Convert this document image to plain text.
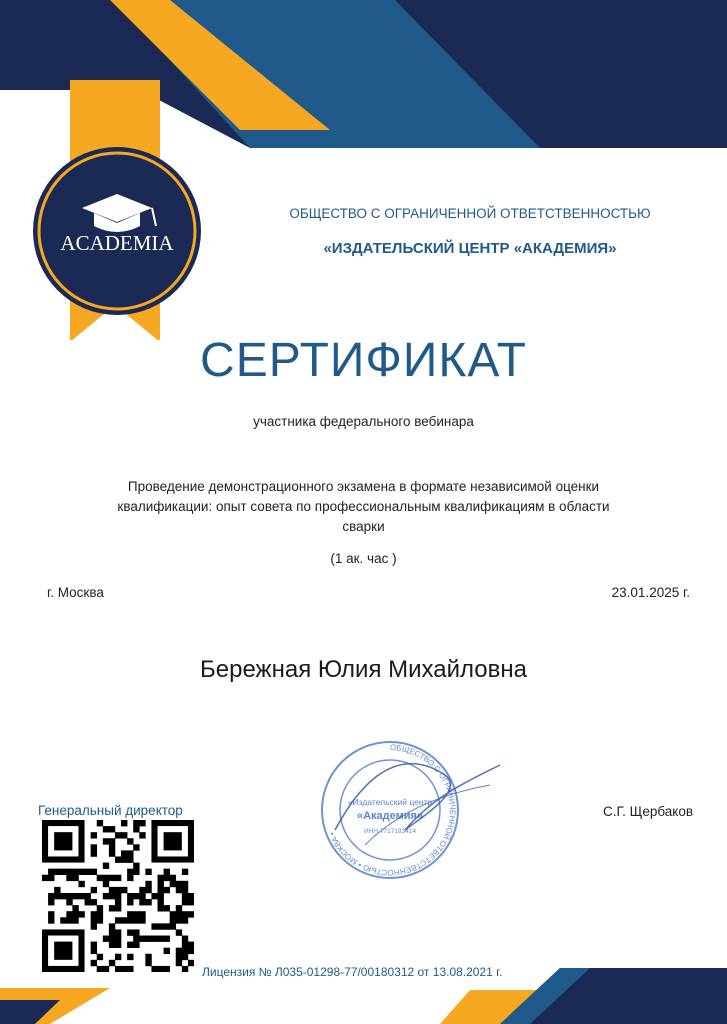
ACADEMIA
ОБЩЕСТВО С ОГРАНИЧЕННОЙ ОТВЕТСТВЕННОСТЬЮ
«ИЗДАТЕЛЬСКИЙ ЦЕНТР «АКАДЕМИЯ»
СЕРТИФИКАТ
участника федерального вебинара
Проведение демонстрационного экзамена в формате независимой оценки квалификации: опыт совета по профессиональным квалификациям в области сварки
(1 ак. час )
г. Москва	23.01.2025 г.
Бережная Юлия Михайловна
Генеральный директор	С.Г. Щербаков
ОБЩЕСТВО С ОГРАНИЧЕННОЙ ОТВЕТСТВЕННОСТЬЮ • МОСКВА •
«Издательский центр
«Академия»
ИНН 7717183414
Лицензия № Л035-01298-77/00180312 от 13.08.2021 г.
